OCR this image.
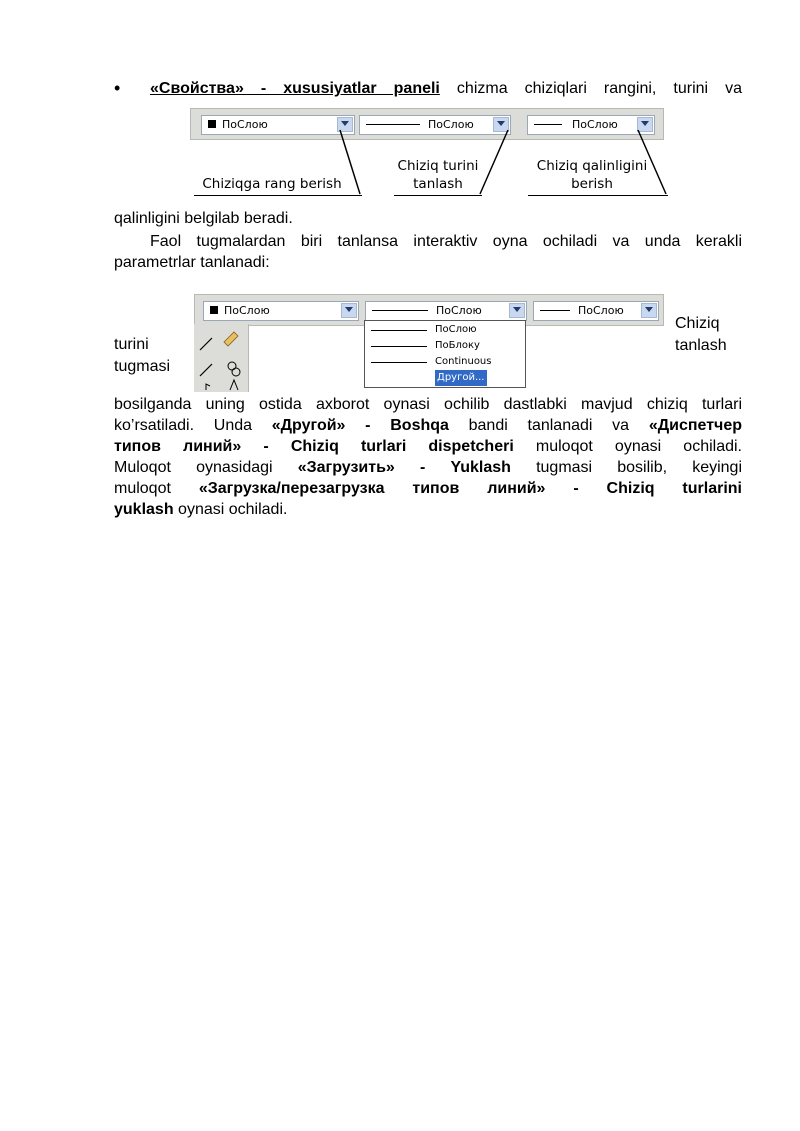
• «Свойства» - xususiyatlar paneli chizma chiziqlari rangini, turini va
ПоСлою	ПоСлою	ПоСлою
Chiziqga rang berish
Chiziq turini
tanlash
Chiziq qalinligini
berish
qalinligini belgilab beradi.
Faol tugmalardan biri tanlansa interaktiv oyna ochiladi va unda kerakli
parametrlar tanlanadi:
ПоСлою	ПоСлою	ПоСлою
ПоСлою
ПоБлоку
Continuous
Другой...
turini
tugmasi
Chiziq
tanlash
bosilganda uning ostida axborot oynasi ochilib dastlabki mavjud chiziq turlari
ko’rsatiladi. Unda «Другой» - Boshqa bandi tanlanadi va «Диспетчер
типов линий» - Chiziq turlari dispetcheri muloqot oynasi ochiladi.
Muloqot oynasidagi «Загрузить» - Yuklash tugmasi bosilib, keyingi
muloqot «Загрузка/перезагрузка типов линий» - Chiziq turlarini
yuklash oynasi ochiladi.
